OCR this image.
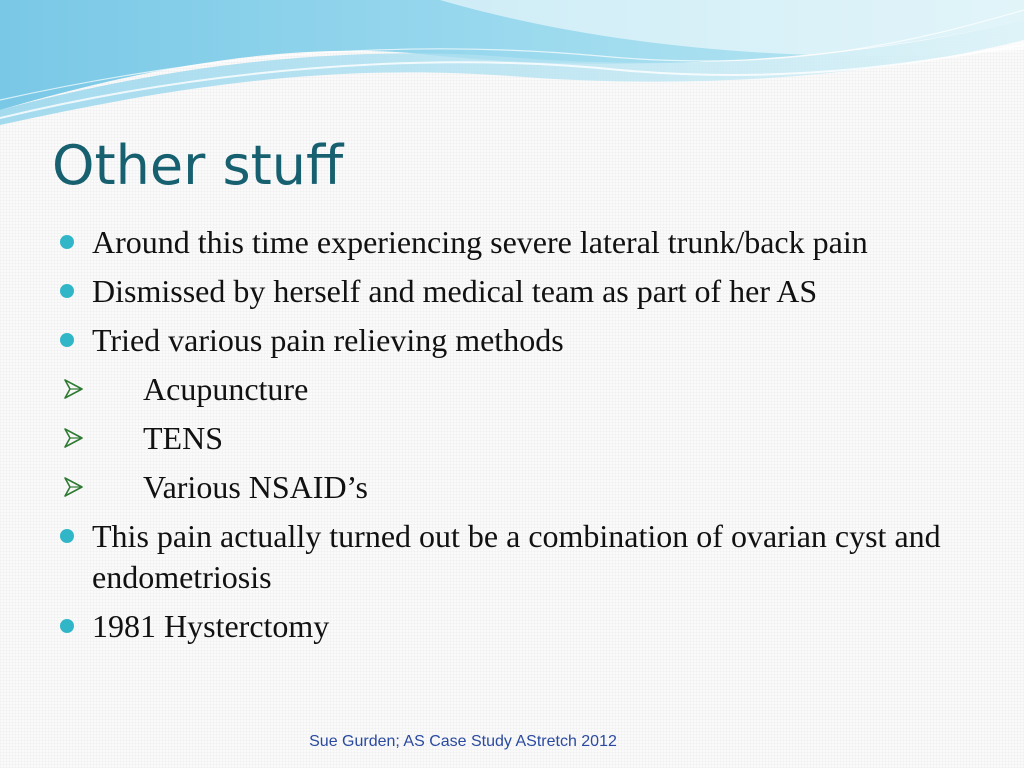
Other stuff
Around this time experiencing severe lateral trunk/back pain
Dismissed by herself and medical team as part of her AS
Tried various pain relieving methods
Acupuncture
TENS
Various NSAID’s
This pain actually turned out be a combination of ovarian cyst and endometriosis
1981 Hysterctomy
Sue Gurden; AS Case Study AStretch 2012
